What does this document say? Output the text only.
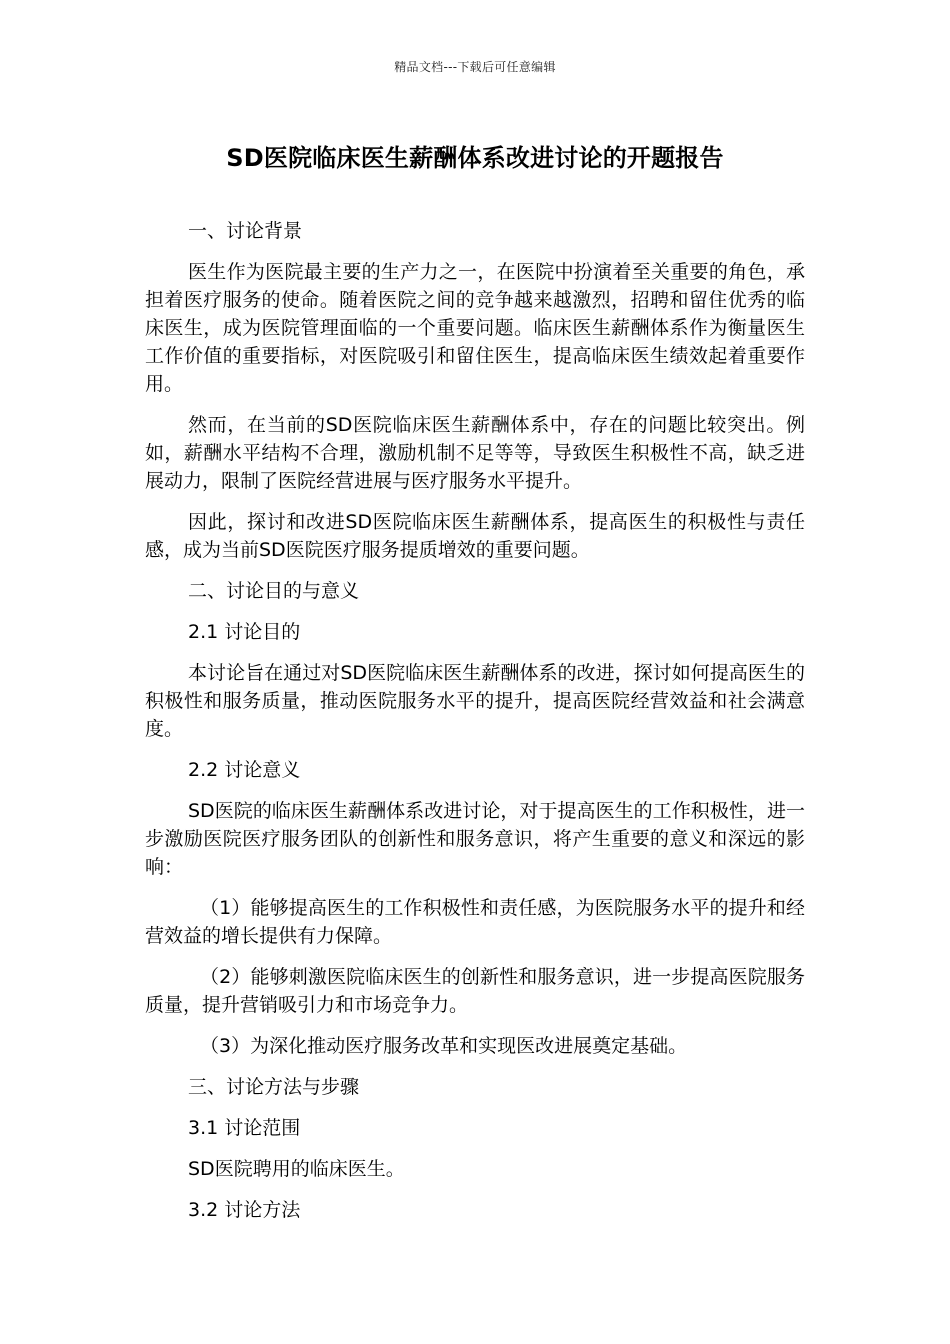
精品文档---下载后可任意编辑
SD医院临床医生薪酬体系改进讨论的开题报告

一、讨论背景

医生作为医院最主要的生产力之一，在医院中扮演着至关重要的角色，承担着医疗服务的使命。随着医院之间的竞争越来越激烈，招聘和留住优秀的临床医生，成为医院管理面临的一个重要问题。临床医生薪酬体系作为衡量医生工作价值的重要指标，对医院吸引和留住医生，提高临床医生绩效起着重要作用。

然而，在当前的SD医院临床医生薪酬体系中，存在的问题比较突出。例如，薪酬水平结构不合理，激励机制不足等等，导致医生积极性不高，缺乏进展动力，限制了医院经营进展与医疗服务水平提升。

因此，探讨和改进SD医院临床医生薪酬体系，提高医生的积极性与责任感，成为当前SD医院医疗服务提质增效的重要问题。

二、讨论目的与意义

2.1 讨论目的

本讨论旨在通过对SD医院临床医生薪酬体系的改进，探讨如何提高医生的积极性和服务质量，推动医院服务水平的提升，提高医院经营效益和社会满意度。

2.2 讨论意义

SD医院的临床医生薪酬体系改进讨论，对于提高医生的工作积极性，进一步激励医院医疗服务团队的创新性和服务意识，将产生重要的意义和深远的影响：

（1）能够提高医生的工作积极性和责任感，为医院服务水平的提升和经营效益的增长提供有力保障。

（2）能够刺激医院临床医生的创新性和服务意识，进一步提高医院服务质量，提升营销吸引力和市场竞争力。

（3）为深化推动医疗服务改革和实现医改进展奠定基础。

三、讨论方法与步骤

3.1 讨论范围

SD医院聘用的临床医生。

3.2 讨论方法
